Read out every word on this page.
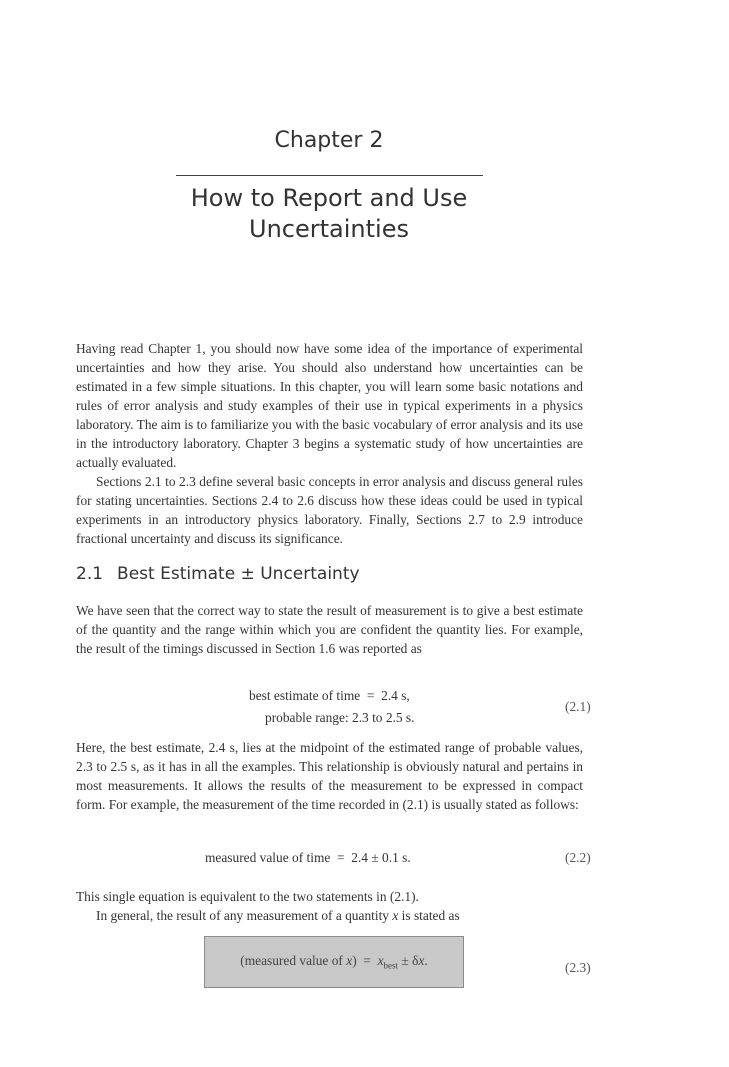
Chapter 2
How to Report and Use
Uncertainties

Having read Chapter 1, you should now have some idea of the importance of experimental uncertainties and how they arise. You should also understand how uncertainties can be estimated in a few simple situations. In this chapter, you will learn some basic notations and rules of error analysis and study examples of their use in typical experiments in a physics laboratory. The aim is to familiarize you with the basic vocabulary of error analysis and its use in the introductory laboratory. Chapter 3 begins a systematic study of how uncertainties are actually evaluated.

Sections 2.1 to 2.3 define several basic concepts in error analysis and discuss general rules for stating uncertainties. Sections 2.4 to 2.6 discuss how these ideas could be used in typical experiments in an introductory physics laboratory. Finally, Sections 2.7 to 2.9 introduce fractional uncertainty and discuss its significance.

2.1 Best Estimate ± Uncertainty

We have seen that the correct way to state the result of measurement is to give a best estimate of the quantity and the range within which you are confident the quantity lies. For example, the result of the timings discussed in Section 1.6 was reported as

best estimate of time  =  2.4 s,
probable range: 2.3 to 2.5 s.
(2.1)

Here, the best estimate, 2.4 s, lies at the midpoint of the estimated range of probable values, 2.3 to 2.5 s, as it has in all the examples. This relationship is obviously natural and pertains in most measurements. It allows the results of the measurement to be expressed in compact form. For example, the measurement of the time recorded in (2.1) is usually stated as follows:

measured value of time  =  2.4 ± 0.1 s.	(2.2)

This single equation is equivalent to the two statements in (2.1).

In general, the result of any measurement of a quantity x is stated as

(measured value of $x) = x_{best} \pm \delta x$.	(2.3)
